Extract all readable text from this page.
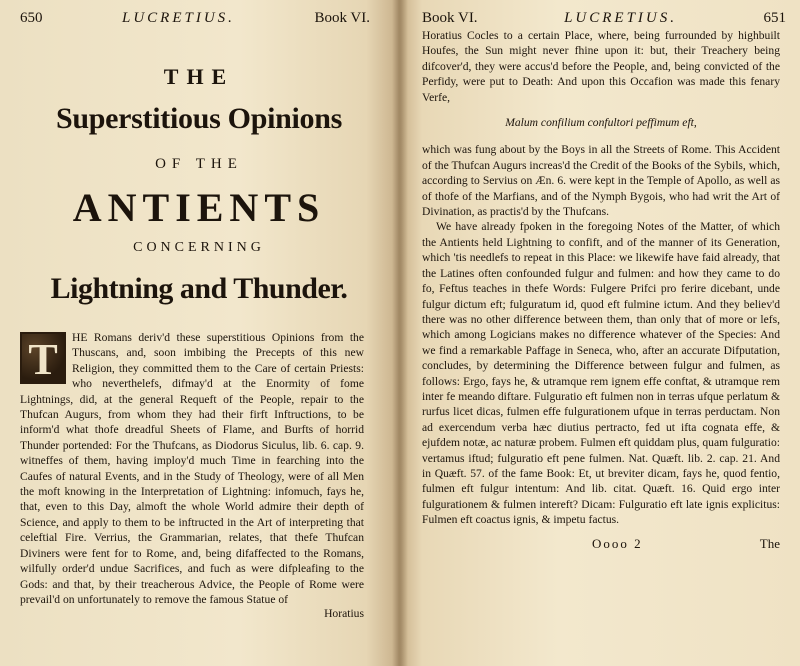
650	LUCRETIUS.	Book VI.
THE
Superstitious Opinions
OF THE
ANTIENTS
CONCERNING
Lightning and Thunder.
T	HE Romans deriv'd these superstitious Opinions from the Thuscans, and, soon imbibing the Precepts of this new Religion, they committed them to the Care of certain Priests: who neverthelefs, difmay'd at the Enormity of fome Lightnings, did, at the general Requeft of the People, repair to the Thufcan Augurs, from whom they had their firft Inftructions, to be inform'd what thofe dreadful Sheets of Flame, and Burfts of horrid Thunder portended: For the Thufcans, as Diodorus Siculus, lib. 6. cap. 9. witneffes of them, having imploy'd much Time in fearching into the Caufes of natural Events, and in the Study of Theology, were of all Men the moft knowing in the Interpretation of Lightning: infomuch, fays he, that, even to this Day, almoft the whole World admire their depth of Science, and apply to them to be inftructed in the Art of interpreting that celeftial Fire. Verrius, the Grammarian, relates, that thefe Thufcan Diviners were fent for to Rome, and, being difaffected to the Romans, wilfully order'd undue Sacrifices, and fuch as were difpleafing to the Gods: and that, by their treacherous Advice, the People of Rome were prevail'd on unfortunately to remove the famous Statue of
Horatius
Book VI.	LUCRETIUS.	651

Horatius Cocles to a certain Place, where, being furrounded by highbuilt Houfes, the Sun might never fhine upon it: but, their Treachery being difcover'd, they were accus'd before the People, and, being convicted of the Perfidy, were put to Death: And upon this Occafion was made this fenary Verfe,

Malum confilium confultori peffimum eft,

which was fung about by the Boys in all the Streets of Rome. This Accident of the Thufcan Augurs increas'd the Credit of the Books of the Sybils, which, according to Servius on Æn. 6. were kept in the Temple of Apollo, as well as of thofe of the Marfians, and of the Nymph Bygois, who had writ the Art of Divination, as practis'd by the Thufcans.

We have already fpoken in the foregoing Notes of the Matter, of which the Antients held Lightning to confift, and of the manner of its Generation, which 'tis needlefs to repeat in this Place: we likewife have faid already, that the Latines often confounded fulgur and fulmen: and how they came to do fo, Feftus teaches in thefe Words: Fulgere Prifci pro ferire dicebant, unde fulgur dictum eft; fulguratum id, quod eft fulmine ictum. And they believ'd there was no other difference between them, than only that of more or lefs, which among Logicians makes no difference whatever of the Species: And we find a remarkable Paffage in Seneca, who, after an accurate Difputation, concludes, by determining the Difference between fulgur and fulmen, as follows: Ergo, fays he, & utramque rem ignem effe conftat, & utramque rem inter fe meando diftare. Fulguratio eft fulmen non in terras ufque perlatum & rurfus licet dicas, fulmen effe fulgurationem ufque in terras perductam. Non ad exercendum verba hæc diutius pertracto, fed ut ifta cognata effe, & ejufdem notæ, ac naturæ probem. Fulmen eft quiddam plus, quam fulguratio: vertamus iftud; fulguratio eft pene fulmen. Nat. Quæft. lib. 2. cap. 21. And in Quæft. 57. of the fame Book: Et, ut breviter dicam, fays he, quod fentio, fulmen eft fulgur intentum: And lib. citat. Quæft. 16. Quid ergo inter fulgurationem & fulmen intereft? Dicam: Fulguratio eft late ignis explicitus: Fulmen eft coactus ignis, & impetu factus.

Oooo 2	The
